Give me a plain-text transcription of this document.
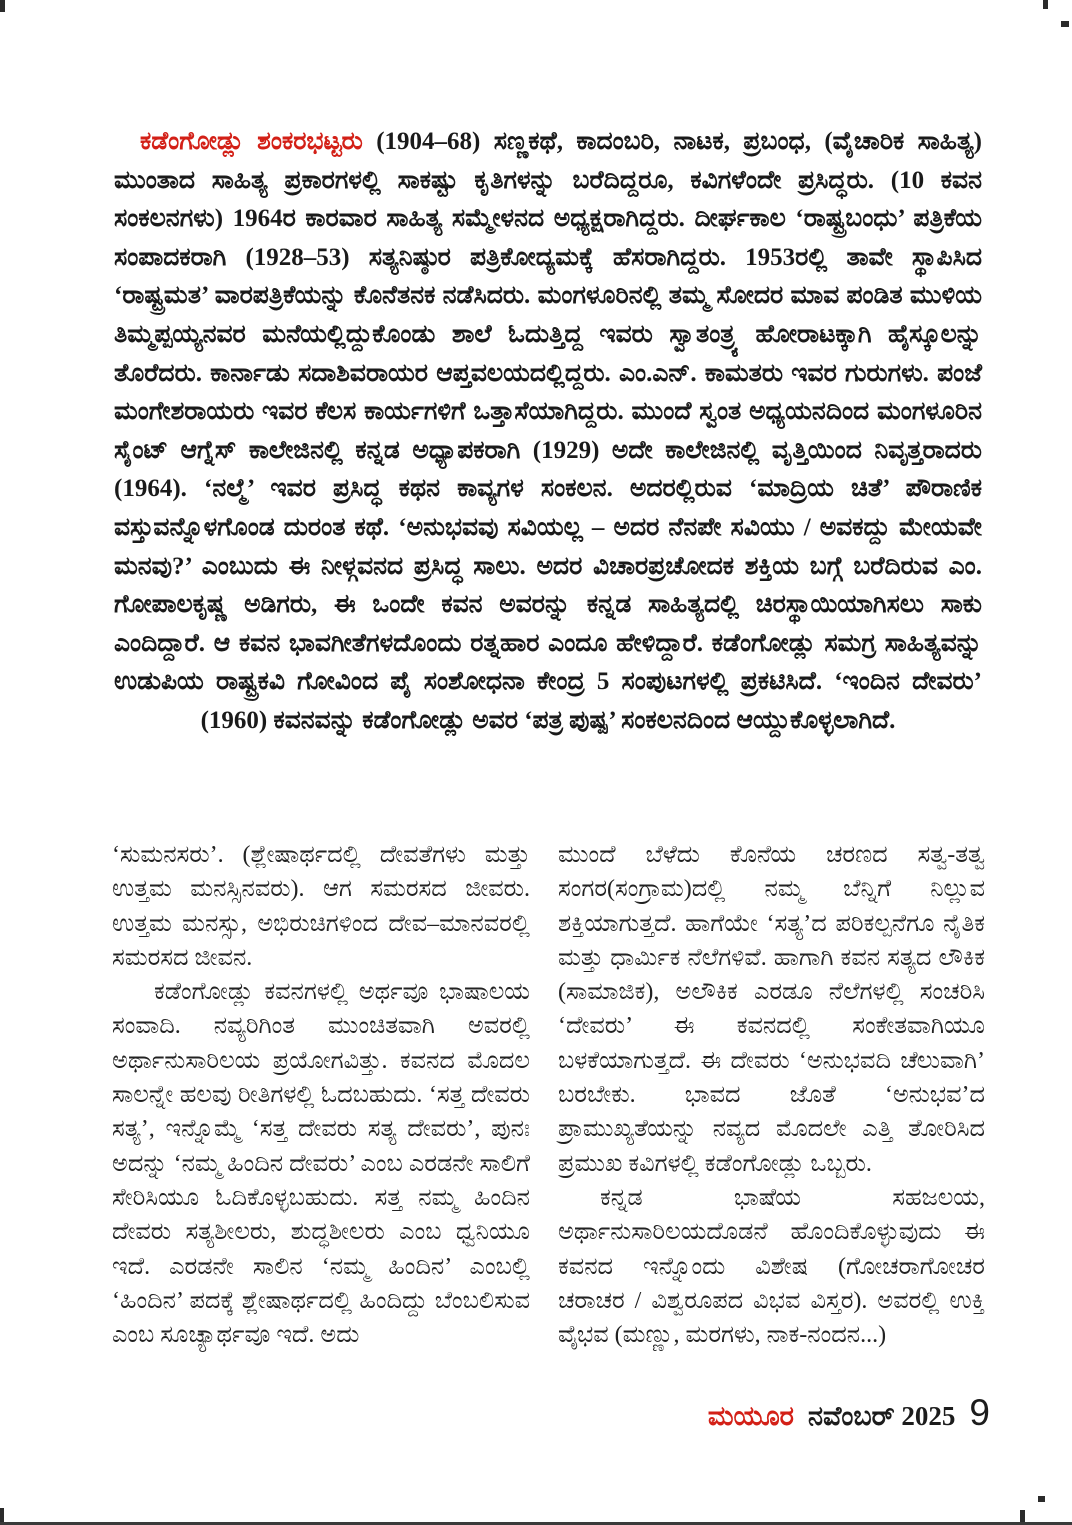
ಕಡೆಂಗೋಡ್ಲು ಶಂಕರಭಟ್ಟರು (1904–68) ಸಣ್ಣಕಥೆ, ಕಾದಂಬರಿ, ನಾಟಕ, ಪ್ರಬಂಧ, (ವೈಚಾರಿಕ ಸಾಹಿತ್ಯ) ಮುಂತಾದ ಸಾಹಿತ್ಯ ಪ್ರಕಾರಗಳಲ್ಲಿ ಸಾಕಷ್ಟು ಕೃತಿಗಳನ್ನು ಬರೆದಿದ್ದರೂ, ಕವಿಗಳೆಂದೇ ಪ್ರಸಿದ್ಧರು. (10 ಕವನ ಸಂಕಲನಗಳು) 1964ರ ಕಾರವಾರ ಸಾಹಿತ್ಯ ಸಮ್ಮೇಳನದ ಅಧ್ಯಕ್ಷರಾಗಿದ್ದರು. ದೀರ್ಘಕಾಲ ‘ರಾಷ್ಟ್ರಬಂಧು’ ಪತ್ರಿಕೆಯ ಸಂಪಾದಕರಾಗಿ (1928–53) ಸತ್ಯನಿಷ್ಠುರ ಪತ್ರಿಕೋದ್ಯಮಕ್ಕೆ ಹೆಸರಾಗಿದ್ದರು. 1953ರಲ್ಲಿ ತಾವೇ ಸ್ಥಾಪಿಸಿದ ‘ರಾಷ್ಟ್ರಮತ’ ವಾರಪತ್ರಿಕೆಯನ್ನು ಕೊನೆತನಕ ನಡೆಸಿದರು. ಮಂಗಳೂರಿನಲ್ಲಿ ತಮ್ಮ ಸೋದರ ಮಾವ ಪಂಡಿತ ಮುಳಿಯ ತಿಮ್ಮಪ್ಪಯ್ಯನವರ ಮನೆಯಲ್ಲಿದ್ದುಕೊಂಡು ಶಾಲೆ ಓದುತ್ತಿದ್ದ ಇವರು ಸ್ವಾತಂತ್ರ್ಯ ಹೋರಾಟಕ್ಕಾಗಿ ಹೈಸ್ಕೂಲನ್ನು ತೊರೆದರು. ಕಾರ್ನಾಡು ಸದಾಶಿವರಾಯರ ಆಪ್ತವಲಯದಲ್ಲಿದ್ದರು. ಎಂ.ಎನ್. ಕಾಮತರು ಇವರ ಗುರುಗಳು. ಪಂಜೆ ಮಂಗೇಶರಾಯರು ಇವರ ಕೆಲಸ ಕಾರ್ಯಗಳಿಗೆ ಒತ್ತಾಸೆಯಾಗಿದ್ದರು. ಮುಂದೆ ಸ್ವಂತ ಅಧ್ಯಯನದಿಂದ ಮಂಗಳೂರಿನ ಸೈಂಟ್ ಆಗ್ನೆಸ್ ಕಾಲೇಜಿನಲ್ಲಿ ಕನ್ನಡ ಅಧ್ಯಾಪಕರಾಗಿ (1929) ಅದೇ ಕಾಲೇಜಿನಲ್ಲಿ ವೃತ್ತಿಯಿಂದ ನಿವೃತ್ತರಾದರು (1964). ‘ನಲ್ಮೆ’ ಇವರ ಪ್ರಸಿದ್ಧ ಕಥನ ಕಾವ್ಯಗಳ ಸಂಕಲನ. ಅದರಲ್ಲಿರುವ ‘ಮಾದ್ರಿಯ ಚಿತೆ’ ಪೌರಾಣಿಕ ವಸ್ತುವನ್ನೊಳಗೊಂಡ ದುರಂತ ಕಥೆ. ‘ಅನುಭವವು ಸವಿಯಲ್ಲ – ಅದರ ನೆನಪೇ ಸವಿಯು / ಅವಕದ್ದು ಮೇಯವೇ ಮನವು?’ ಎಂಬುದು ಈ ನೀಳ್ಗವನದ ಪ್ರಸಿದ್ಧ ಸಾಲು. ಅದರ ವಿಚಾರಪ್ರಚೋದಕ ಶಕ್ತಿಯ ಬಗ್ಗೆ ಬರೆದಿರುವ ಎಂ. ಗೋಪಾಲಕೃಷ್ಣ ಅಡಿಗರು, ಈ ಒಂದೇ ಕವನ ಅವರನ್ನು ಕನ್ನಡ ಸಾಹಿತ್ಯದಲ್ಲಿ ಚಿರಸ್ಥಾಯಿಯಾಗಿಸಲು ಸಾಕು ಎಂದಿದ್ದಾರೆ. ಆ ಕವನ ಭಾವಗೀತೆಗಳದೊಂದು ರತ್ನಹಾರ ಎಂದೂ ಹೇಳಿದ್ದಾರೆ. ಕಡೆಂಗೋಡ್ಲು ಸಮಗ್ರ ಸಾಹಿತ್ಯವನ್ನು ಉಡುಪಿಯ ರಾಷ್ಟ್ರಕವಿ ಗೋವಿಂದ ಪೈ ಸಂಶೋಧನಾ ಕೇಂದ್ರ 5 ಸಂಪುಟಗಳಲ್ಲಿ ಪ್ರಕಟಿಸಿದೆ. ‘ಇಂದಿನ ದೇವರು’ (1960) ಕವನವನ್ನು ಕಡೆಂಗೋಡ್ಲು ಅವರ ‘ಪತ್ರ ಪುಷ್ಪ’ ಸಂಕಲನದಿಂದ ಆಯ್ದುಕೊಳ್ಳಲಾಗಿದೆ.

‘ಸುಮನಸರು’. (ಶ್ಲೇಷಾರ್ಥದಲ್ಲಿ ದೇವತೆಗಳು ಮತ್ತು ಉತ್ತಮ ಮನಸ್ಸಿನವರು). ಆಗ ಸಮರಸದ ಜೀವರು. ಉತ್ತಮ ಮನಸ್ಸು, ಅಭಿರುಚಿಗಳಿಂದ ದೇವ–ಮಾನವರಲ್ಲಿ ಸಮರಸದ ಜೀವನ.

ಕಡೆಂಗೋಡ್ಲು ಕವನಗಳಲ್ಲಿ ಅರ್ಥವೂ ಭಾಷಾಲಯ ಸಂವಾದಿ. ನವ್ಯರಿಗಿಂತ ಮುಂಚಿತವಾಗಿ ಅವರಲ್ಲಿ ಅರ್ಥಾನುಸಾರಿಲಯ ಪ್ರಯೋಗವಿತ್ತು. ಕವನದ ಮೊದಲ ಸಾಲನ್ನೇ ಹಲವು ರೀತಿಗಳಲ್ಲಿ ಓದಬಹುದು. ‘ಸತ್ತ ದೇವರು ಸತ್ಯ’, ಇನ್ನೊಮ್ಮೆ ‘ಸತ್ತ ದೇವರು ಸತ್ಯ ದೇವರು’, ಪುನಃ ಅದನ್ನು ‘ನಮ್ಮ ಹಿಂದಿನ ದೇವರು’ ಎಂಬ ಎರಡನೇ ಸಾಲಿಗೆ ಸೇರಿಸಿಯೂ ಓದಿಕೊಳ್ಳಬಹುದು. ಸತ್ತ ನಮ್ಮ ಹಿಂದಿನ ದೇವರು ಸತ್ಯಶೀಲರು, ಶುದ್ಧಶೀಲರು ಎಂಬ ಧ್ವನಿಯೂ ಇದೆ. ಎರಡನೇ ಸಾಲಿನ ‘ನಮ್ಮ ಹಿಂದಿನ’ ಎಂಬಲ್ಲಿ ‘ಹಿಂದಿನ’ ಪದಕ್ಕೆ ಶ್ಲೇಷಾರ್ಥದಲ್ಲಿ ಹಿಂದಿದ್ದು ಬೆಂಬಲಿಸುವ ಎಂಬ ಸೂಚ್ಯಾರ್ಥವೂ ಇದೆ. ಅದು

ಮುಂದೆ ಬೆಳೆದು ಕೊನೆಯ ಚರಣದ ಸತ್ವ-ತತ್ವ ಸಂಗರ(ಸಂಗ್ರಾಮ)ದಲ್ಲಿ ನಮ್ಮ ಬೆನ್ನಿಗೆ ನಿಲ್ಲುವ ಶಕ್ತಿಯಾಗುತ್ತದೆ. ಹಾಗೆಯೇ ‘ಸತ್ಯ’ದ ಪರಿಕಲ್ಪನೆಗೂ ನೈತಿಕ ಮತ್ತು ಧಾರ್ಮಿಕ ನೆಲೆಗಳಿವೆ. ಹಾಗಾಗಿ ಕವನ ಸತ್ಯದ ಲೌಕಿಕ (ಸಾಮಾಜಿಕ), ಅಲೌಕಿಕ ಎರಡೂ ನೆಲೆಗಳಲ್ಲಿ ಸಂಚರಿಸಿ ‘ದೇವರು’ ಈ ಕವನದಲ್ಲಿ ಸಂಕೇತವಾಗಿಯೂ ಬಳಕೆಯಾಗುತ್ತದೆ. ಈ ದೇವರು ‘ಅನುಭವದಿ ಚೆಲುವಾಗಿ’ ಬರಬೇಕು. ಭಾವದ ಜೊತೆ ‘ಅನುಭವ’ದ ಪ್ರಾಮುಖ್ಯತೆಯನ್ನು ನವ್ಯದ ಮೊದಲೇ ಎತ್ತಿ ತೋರಿಸಿದ ಪ್ರಮುಖ ಕವಿಗಳಲ್ಲಿ ಕಡೆಂಗೋಡ್ಲು ಒಬ್ಬರು.

ಕನ್ನಡ ಭಾಷೆಯ ಸಹಜಲಯ, ಅರ್ಥಾನುಸಾರಿಲಯದೊಡನೆ ಹೊಂದಿಕೊಳ್ಳುವುದು ಈ ಕವನದ ಇನ್ನೊಂದು ವಿಶೇಷ (ಗೋಚರಾಗೋಚರ ಚರಾಚರ / ವಿಶ್ವರೂಪದ ವಿಭವ ವಿಸ್ತರ). ಅವರಲ್ಲಿ ಉಕ್ತಿ ವೈಭವ (ಮಣ್ಣು, ಮರಗಳು, ನಾಕ-ನಂದನ...)

ಮಯೂರ ನವೆಂಬರ್ 2025 9
